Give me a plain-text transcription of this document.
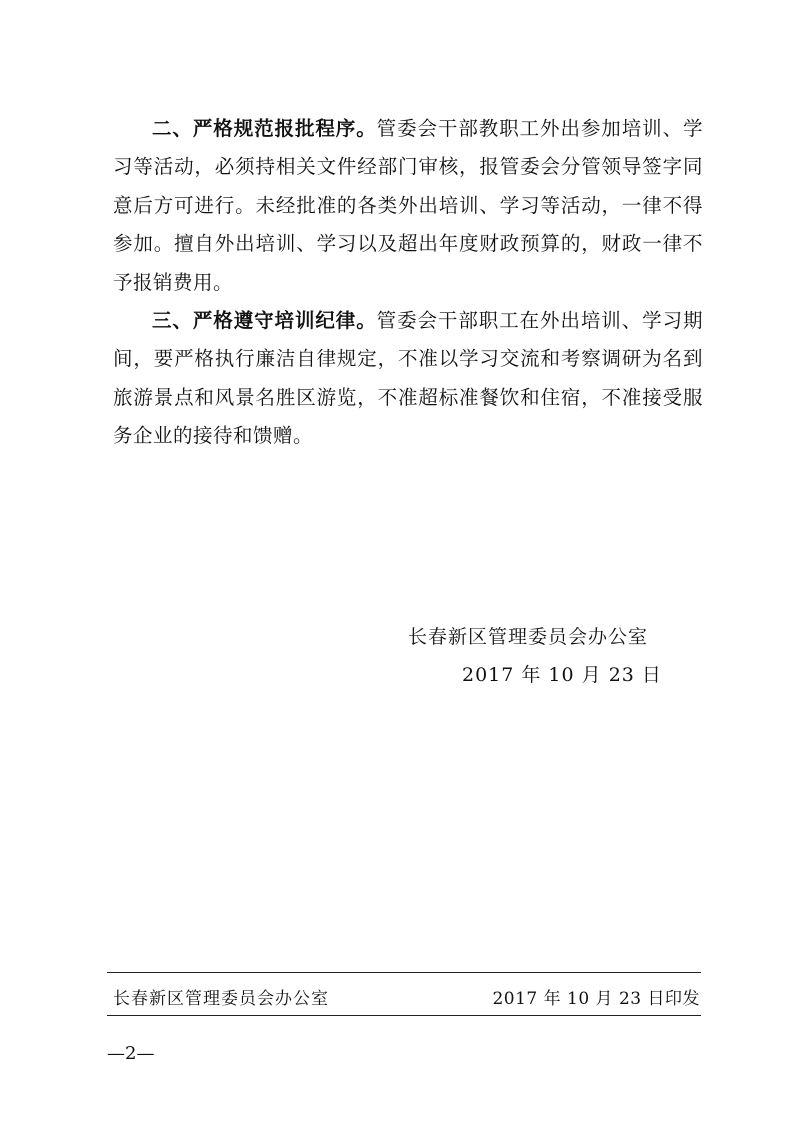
二、严格规范报批程序。管委会干部教职工外出参加培训、学习等活动，必须持相关文件经部门审核，报管委会分管领导签字同意后方可进行。未经批准的各类外出培训、学习等活动，一律不得参加。擅自外出培训、学习以及超出年度财政预算的，财政一律不予报销费用。

三、严格遵守培训纪律。管委会干部职工在外出培训、学习期间，要严格执行廉洁自律规定，不准以学习交流和考察调研为名到旅游景点和风景名胜区游览，不准超标准餐饮和住宿，不准接受服务企业的接待和馈赠。

长春新区管理委员会办公室
2017 年 10 月 23 日
长春新区管理委员会办公室	2017 年 10 月 23 日印发
—2—
